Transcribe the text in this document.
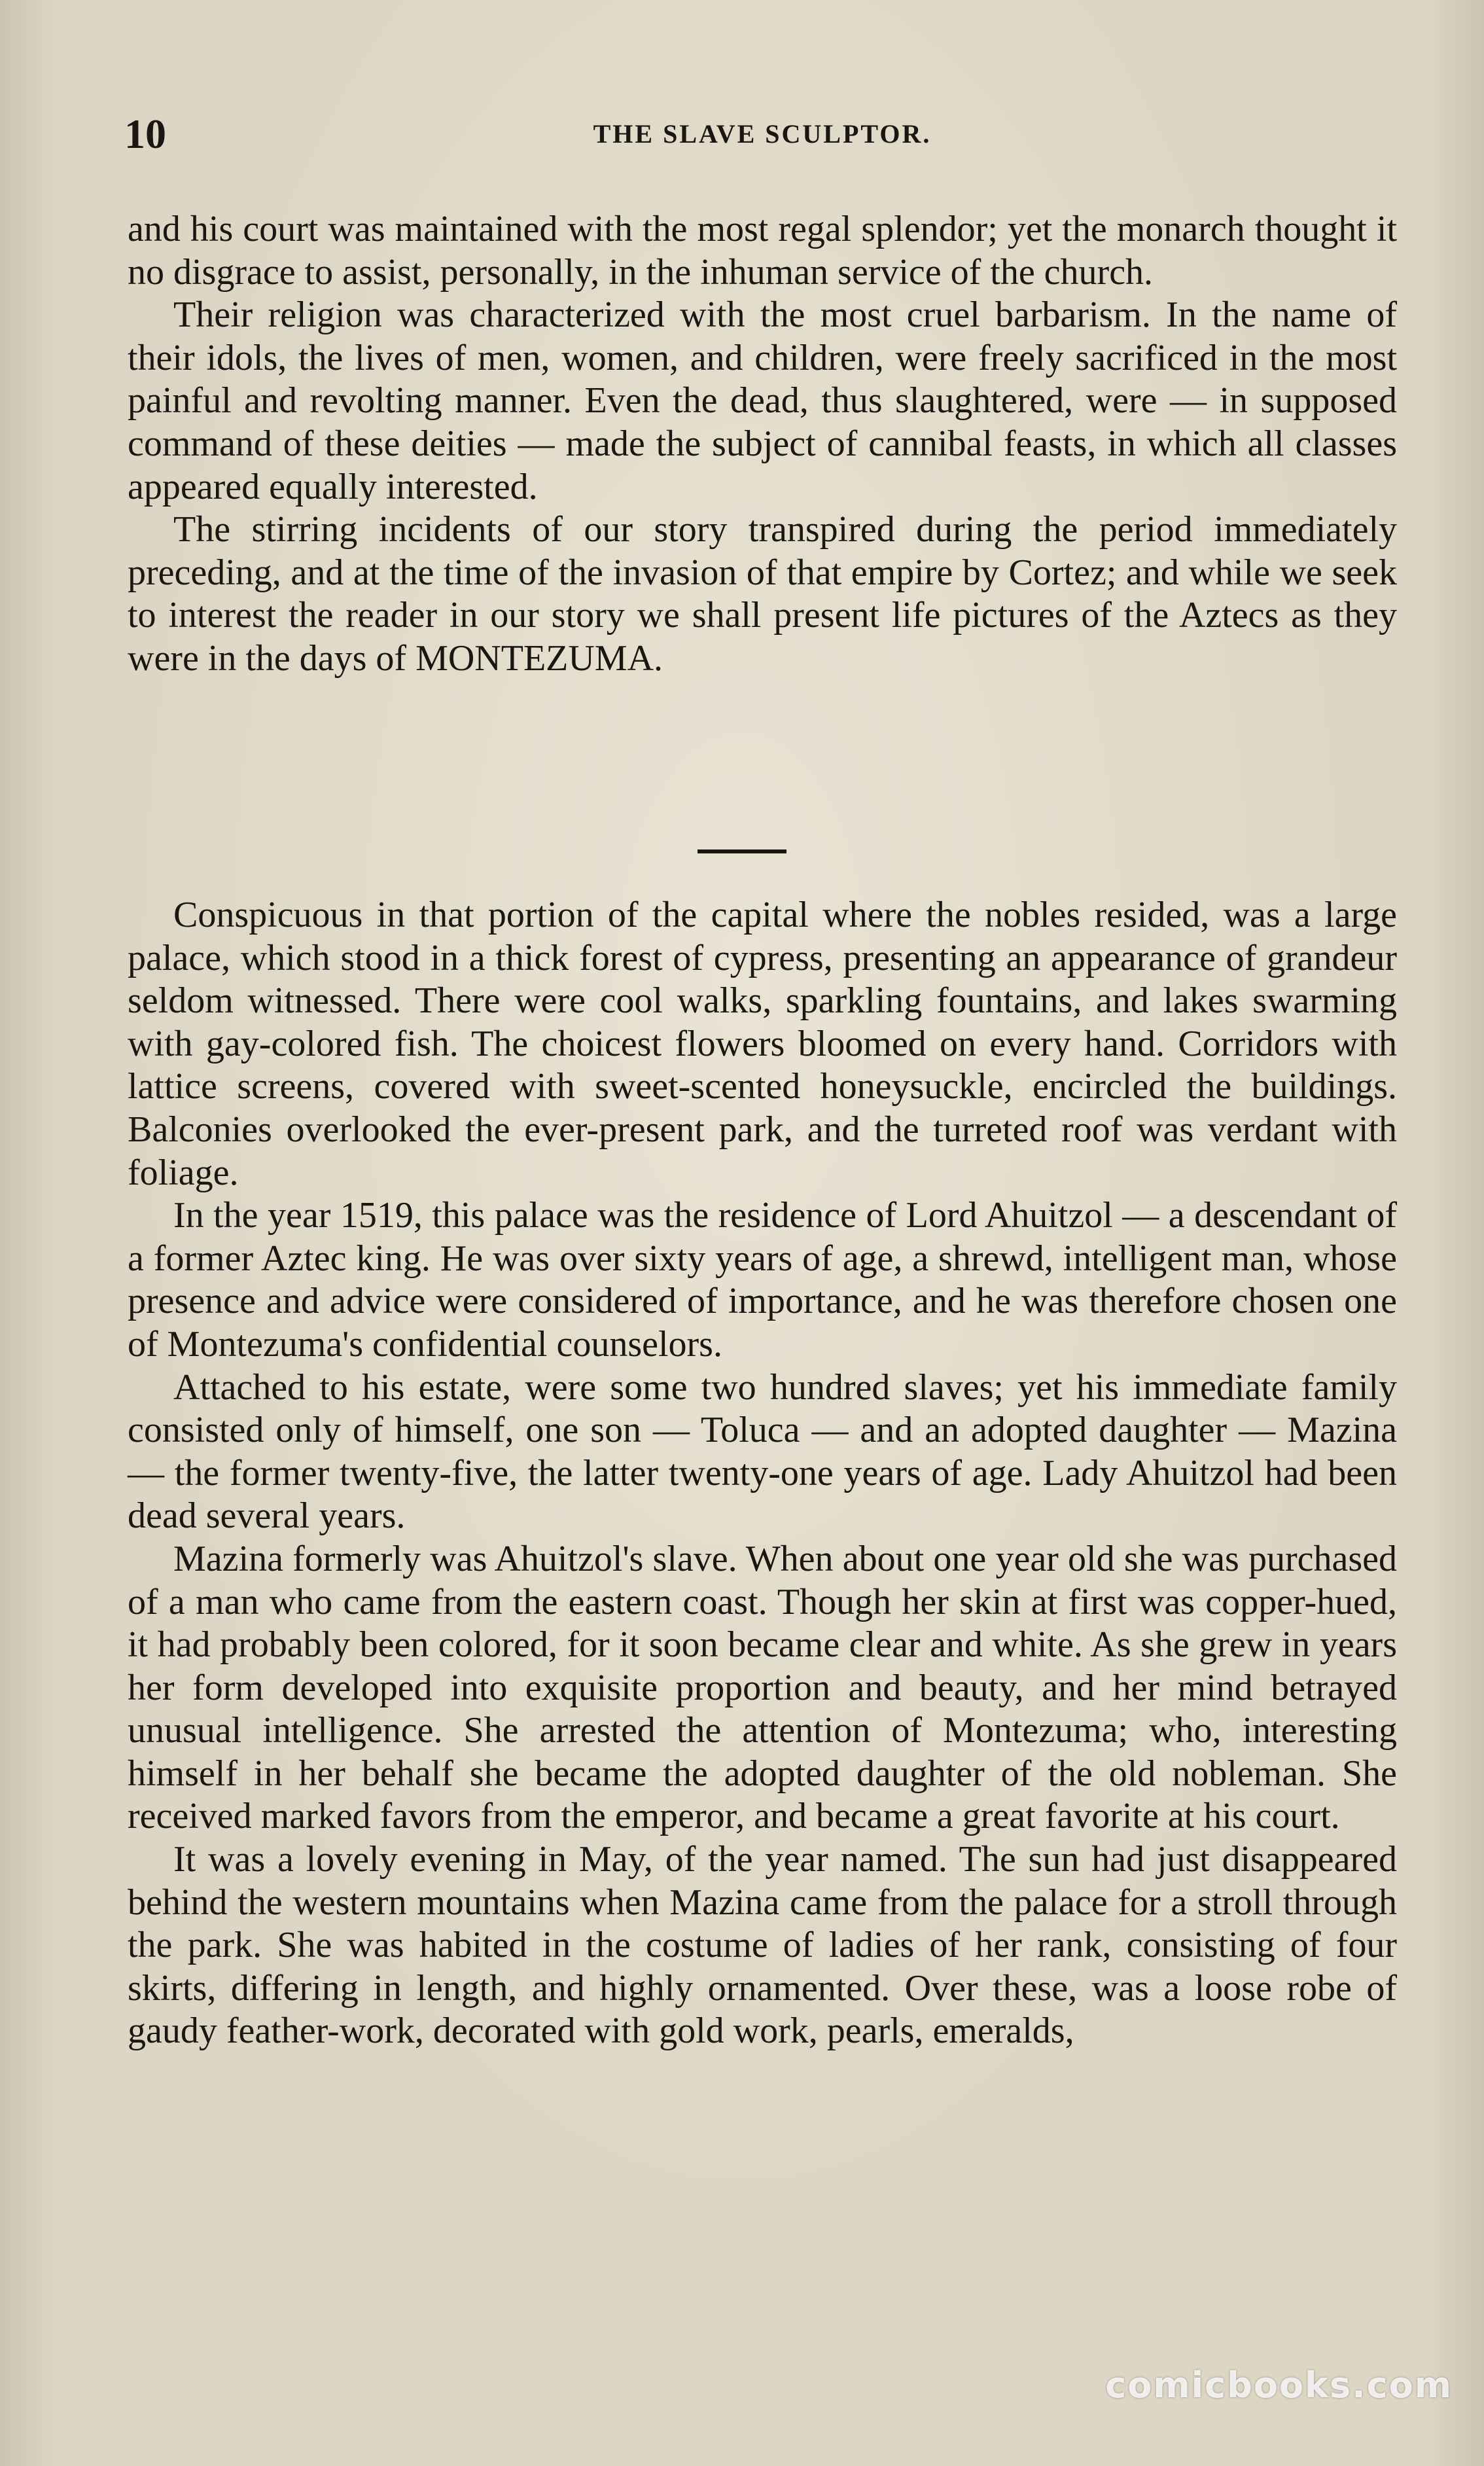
10	THE SLAVE SCULPTOR.

and his court was maintained with the most regal splendor; yet the monarch thought it no disgrace to assist, personally, in the inhuman service of the church.

Their religion was characterized with the most cruel barbarism. In the name of their idols, the lives of men, women, and children, were freely sacrificed in the most painful and revolting manner. Even the dead, thus slaughtered, were — in supposed command of these deities — made the subject of cannibal feasts, in which all classes appeared equally interested.

The stirring incidents of our story transpired during the period immediately preceding, and at the time of the invasion of that empire by Cortez; and while we seek to interest the reader in our story we shall present life pictures of the Aztecs as they were in the days of MONTEZUMA.

Conspicuous in that portion of the capital where the nobles resided, was a large palace, which stood in a thick forest of cypress, presenting an appearance of grandeur seldom witnessed. There were cool walks, sparkling fountains, and lakes swarming with gay-colored fish. The choicest flowers bloomed on every hand. Corridors with lattice screens, covered with sweet-scented honeysuckle, encircled the buildings. Balconies overlooked the ever-present park, and the turreted roof was verdant with foliage.

In the year 1519, this palace was the residence of Lord Ahuitzol — a descendant of a former Aztec king. He was over sixty years of age, a shrewd, intelligent man, whose presence and advice were considered of importance, and he was therefore chosen one of Montezuma's confidential counselors.

Attached to his estate, were some two hundred slaves; yet his immediate family consisted only of himself, one son — Toluca — and an adopted daughter — Mazina — the former twenty-five, the latter twenty-one years of age. Lady Ahuitzol had been dead several years.

Mazina formerly was Ahuitzol's slave. When about one year old she was purchased of a man who came from the eastern coast. Though her skin at first was copper-hued, it had probably been colored, for it soon became clear and white. As she grew in years her form developed into exquisite proportion and beauty, and her mind betrayed unusual intelligence. She arrested the attention of Montezuma; who, interesting himself in her behalf she became the adopted daughter of the old nobleman. She received marked favors from the emperor, and became a great favorite at his court.

It was a lovely evening in May, of the year named. The sun had just disappeared behind the western mountains when Mazina came from the palace for a stroll through the park. She was habited in the costume of ladies of her rank, consisting of four skirts, differing in length, and highly ornamented. Over these, was a loose robe of gaudy feather-work, decorated with gold work, pearls, emeralds,

comicbooks.com
